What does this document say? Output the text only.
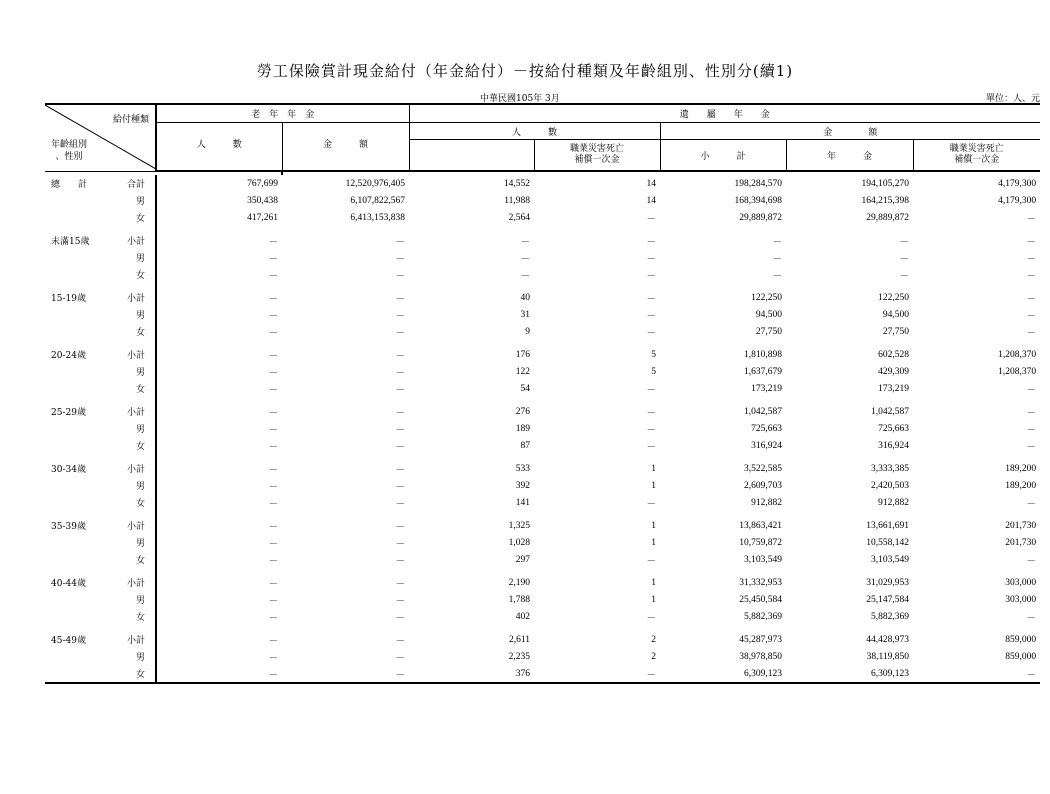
勞工保險賞計現金給付（年金給付）－按給付種類及年齡組別、性別分(續1)
中華民國105年 3月	單位：人、元
給付種類
年齡組別
、性別	老　年　年　金		遺　　屬　　年　　金				
	人　　　數	金　　　額	人　　　數		金　　　　額		
				職業災害死亡
補償一次金	小　　　計	年　　　金	職業災害死亡
補償一次金

總　　計 合計	767,699	12,520,976,405	14,552	14	198,284,570	194,105,270	4,179,300

男	350,438	6,107,822,567	11,988	14	168,394,698	164,215,398	4,179,300

女	417,261	6,413,153,838	2,564	－	29,889,872	29,889,872	－

未滿15歲 小計	－	－	－	－	－	－	－

男	－	－	－	－	－	－	－

女	－	－	－	－	－	－	－

15-19歲 小計	－	－	40	－	122,250	122,250	－

男	－	－	31	－	94,500	94,500	－

女	－	－	9	－	27,750	27,750	－

20-24歲 小計	－	－	176	5	1,810,898	602,528	1,208,370

男	－	－	122	5	1,637,679	429,309	1,208,370

女	－	－	54	－	173,219	173,219	－

25-29歲 小計	－	－	276	－	1,042,587	1,042,587	－

男	－	－	189	－	725,663	725,663	－

女	－	－	87	－	316,924	316,924	－

30-34歲 小計	－	－	533	1	3,522,585	3,333,385	189,200

男	－	－	392	1	2,609,703	2,420,503	189,200

女	－	－	141	－	912,882	912,882	－

35-39歲 小計	－	－	1,325	1	13,863,421	13,661,691	201,730

男	－	－	1,028	1	10,759,872	10,558,142	201,730

女	－	－	297	－	3,103,549	3,103,549	－

40-44歲 小計	－	－	2,190	1	31,332,953	31,029,953	303,000

男	－	－	1,788	1	25,450,584	25,147,584	303,000

女	－	－	402	－	5,882,369	5,882,369	－

45-49歲 小計	－	－	2,611	2	45,287,973	44,428,973	859,000

男	－	－	2,235	2	38,978,850	38,119,850	859,000

女	－	－	376	－	6,309,123	6,309,123	－
